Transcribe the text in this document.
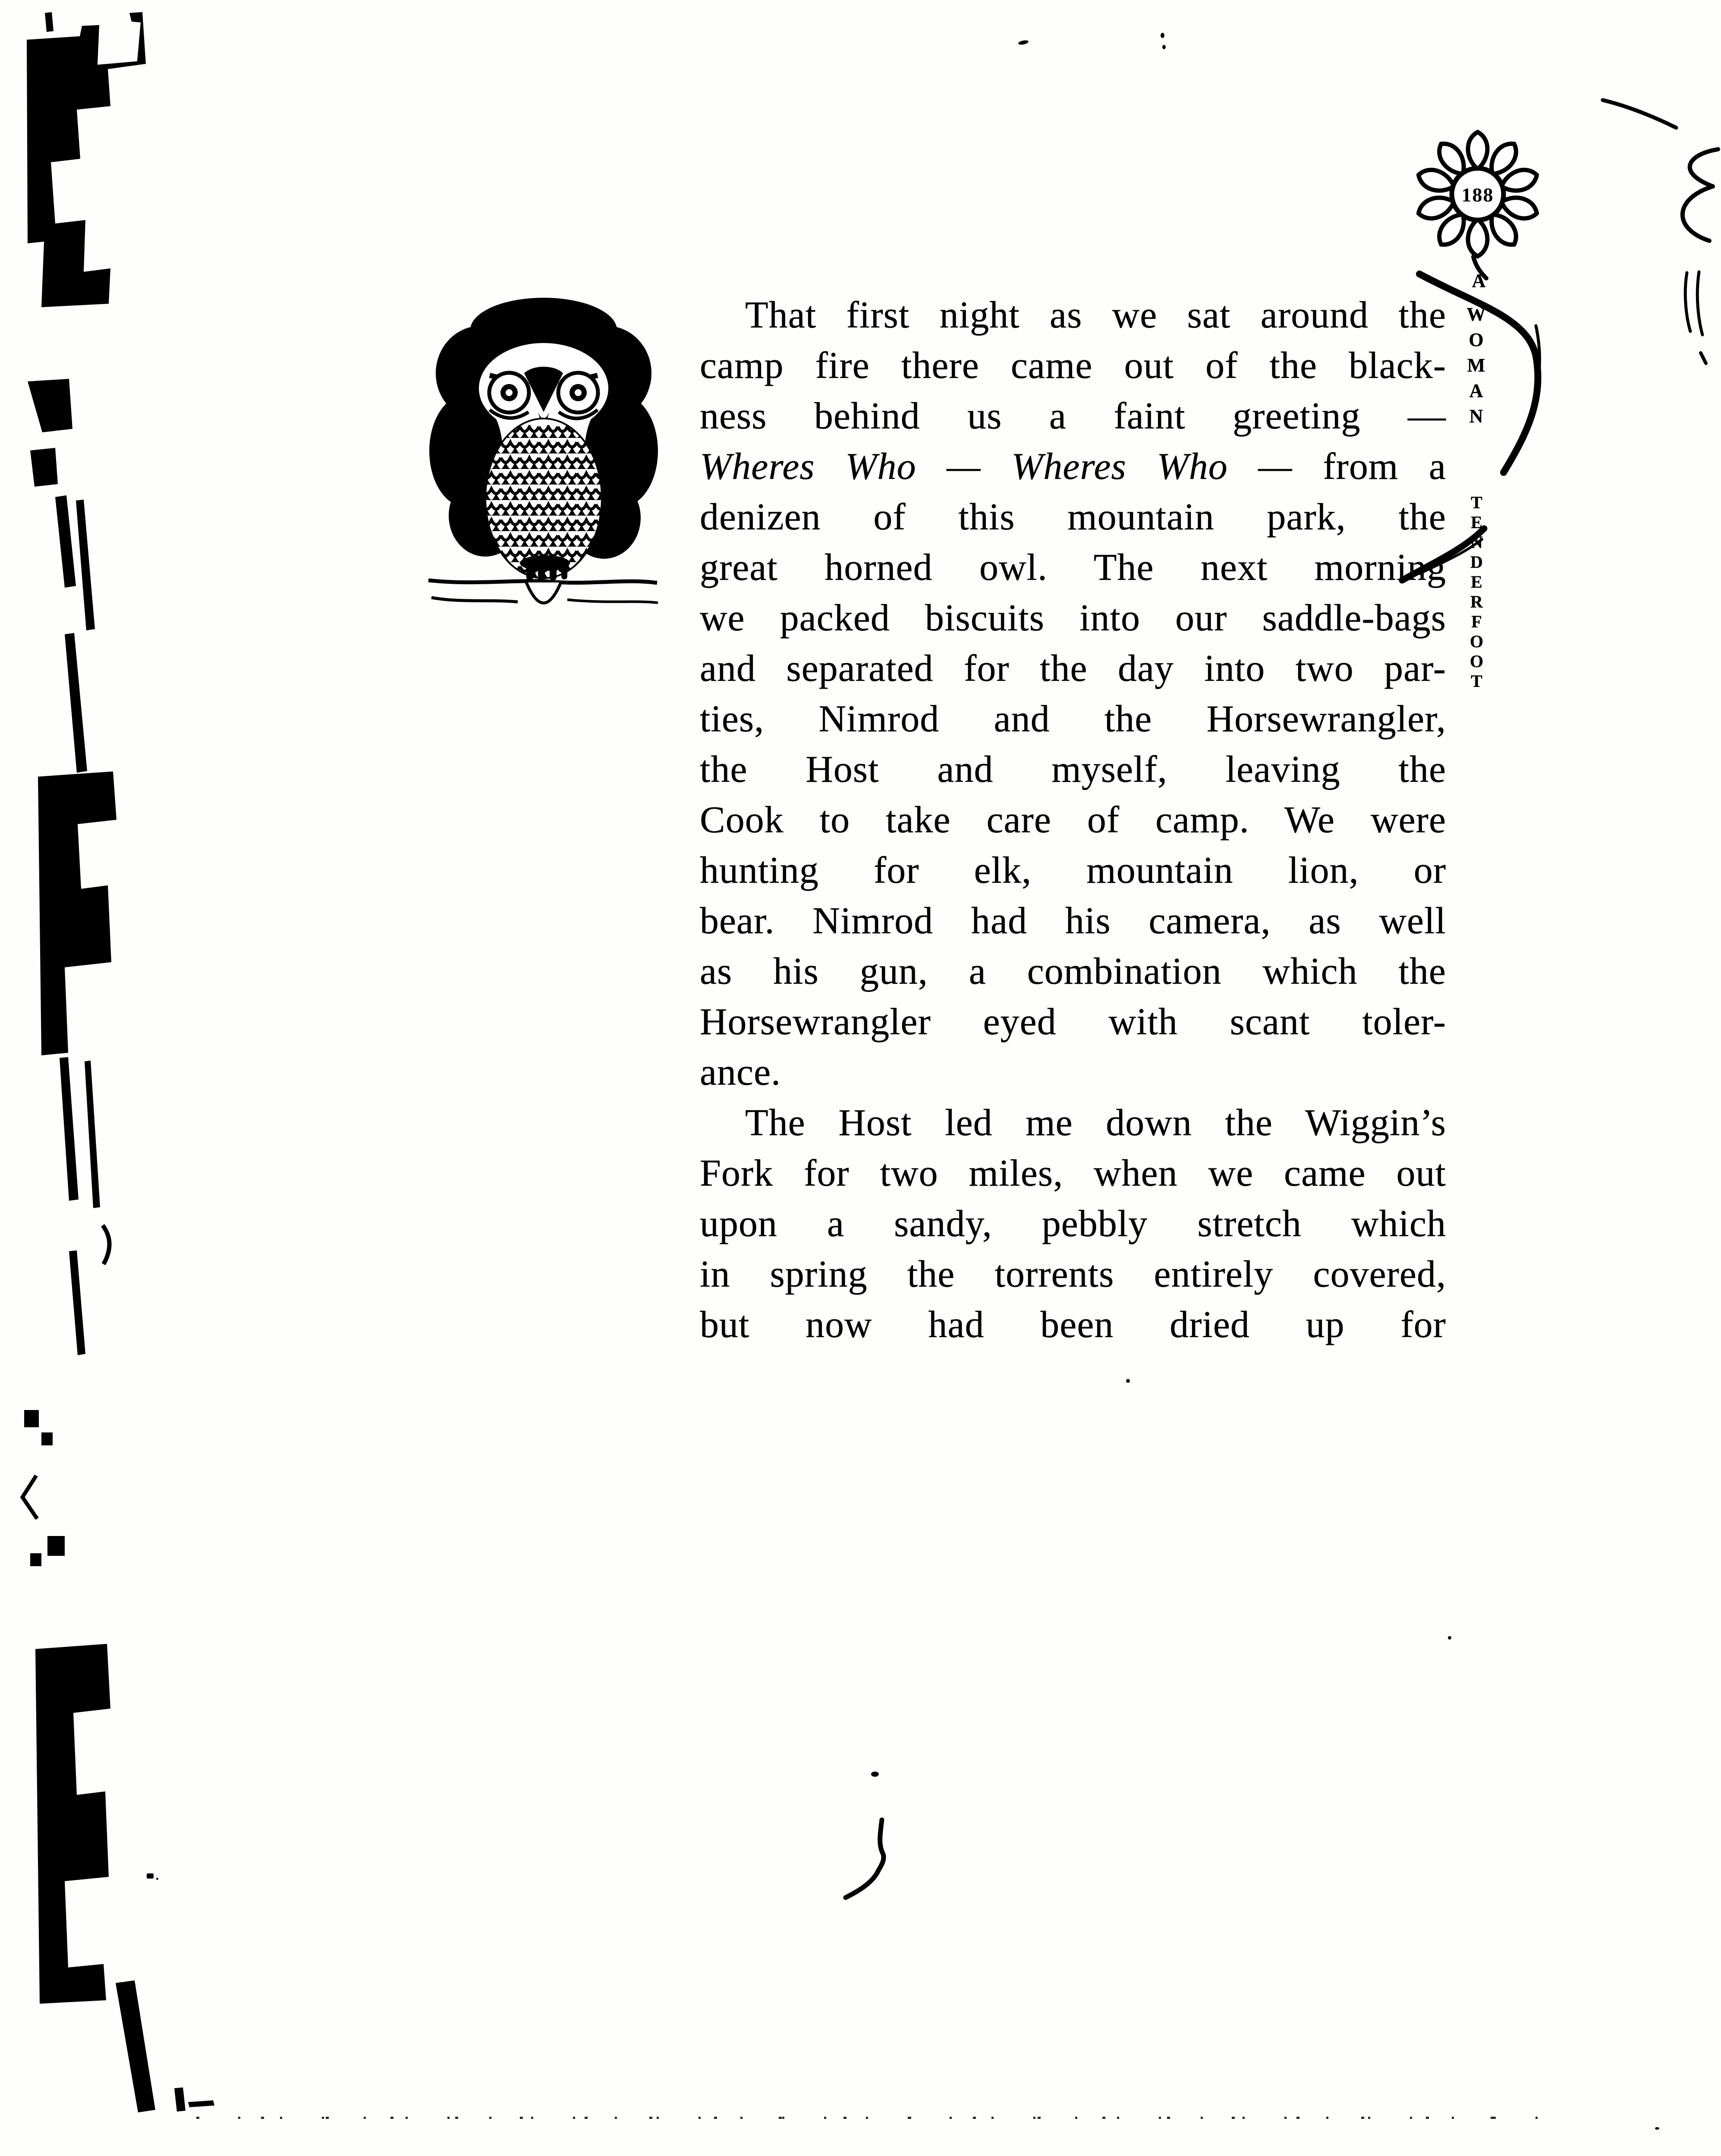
188
A
WOMAN
TENDERFOOT
That first night as we sat around the
camp fire there came out of the black-
ness behind us a faint greeting —
Wheres Who — Wheres Who — from a
denizen of this mountain park, the
great horned owl. The next morning
we packed biscuits into our saddle-bags
and separated for the day into two par-
ties, Nimrod and the Horsewrangler,
the Host and myself, leaving the
Cook to take care of camp. We were
hunting for elk, mountain lion, or
bear. Nimrod had his camera, as well
as his gun, a combination which the
Horsewrangler eyed with scant toler-
ance.
The Host led me down the Wiggin’s
Fork for two miles, when we came out
upon a sandy, pebbly stretch which
in spring the torrents entirely covered,
but now had been dried up for
